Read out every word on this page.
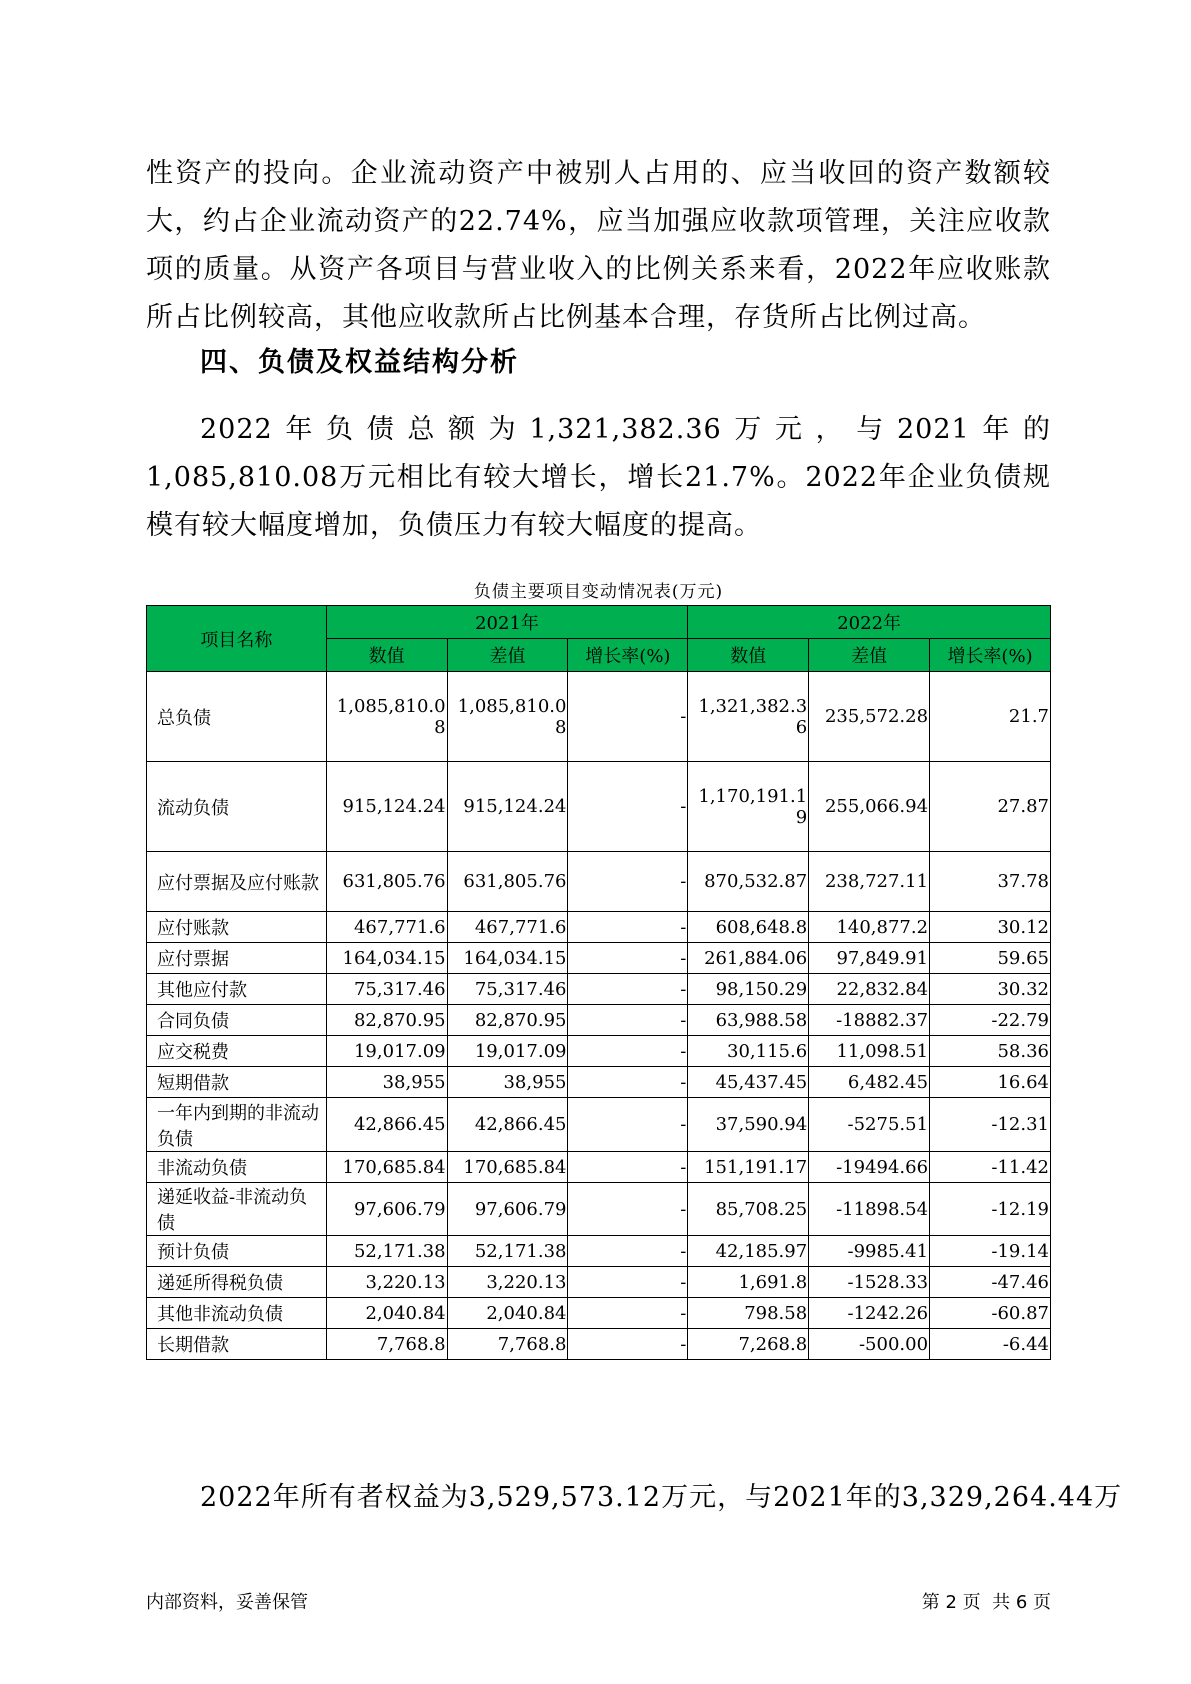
性资产的投向。企业流动资产中被别人占用的、应当收回的资产数额较大，约占企业流动资产的22.74%，应当加强应收款项管理，关注应收款项的质量。从资产各项目与营业收入的比例关系来看，2022年应收账款所占比例较高，其他应收款所占比例基本合理，存货所占比例过高。

四、负债及权益结构分析

2022年负债总额为1,321,382.36万元，与2021年的1,085,810.08万元相比有较大增长，增长21.7%。2022年企业负债规模有较大幅度增加，负债压力有较大幅度的提高。

负债主要项目变动情况表(万元)
项目名称	2021年			2022年		
	数值	差值	增长率(%)	数值	差值	增长率(%)
总负债	1,085,810.08	1,085,810.08	-	1,321,382.36	235,572.28	21.7
流动负债	915,124.24	915,124.24	-	1,170,191.19	255,066.94	27.87
应付票据及应付账款	631,805.76	631,805.76	-	870,532.87	238,727.11	37.78
应付账款	467,771.6	467,771.6	-	608,648.8	140,877.2	30.12
应付票据	164,034.15	164,034.15	-	261,884.06	97,849.91	59.65
其他应付款	75,317.46	75,317.46	-	98,150.29	22,832.84	30.32
合同负债	82,870.95	82,870.95	-	63,988.58	-18882.37	-22.79
应交税费	19,017.09	19,017.09	-	30,115.6	11,098.51	58.36
短期借款	38,955	38,955	-	45,437.45	6,482.45	16.64
一年内到期的非流动负债	42,866.45	42,866.45	-	37,590.94	-5275.51	-12.31
非流动负债	170,685.84	170,685.84	-	151,191.17	-19494.66	-11.42
递延收益-非流动负债	97,606.79	97,606.79	-	85,708.25	-11898.54	-12.19
预计负债	52,171.38	52,171.38	-	42,185.97	-9985.41	-19.14
递延所得税负债	3,220.13	3,220.13	-	1,691.8	-1528.33	-47.46
其他非流动负债	2,040.84	2,040.84	-	798.58	-1242.26	-60.87
长期借款	7,768.8	7,768.8	-	7,268.8	-500.00	-6.44

2022年所有者权益为3,529,573.12万元，与2021年的3,329,264.44万

内部资料，妥善保管	第 2 页  共 6 页
